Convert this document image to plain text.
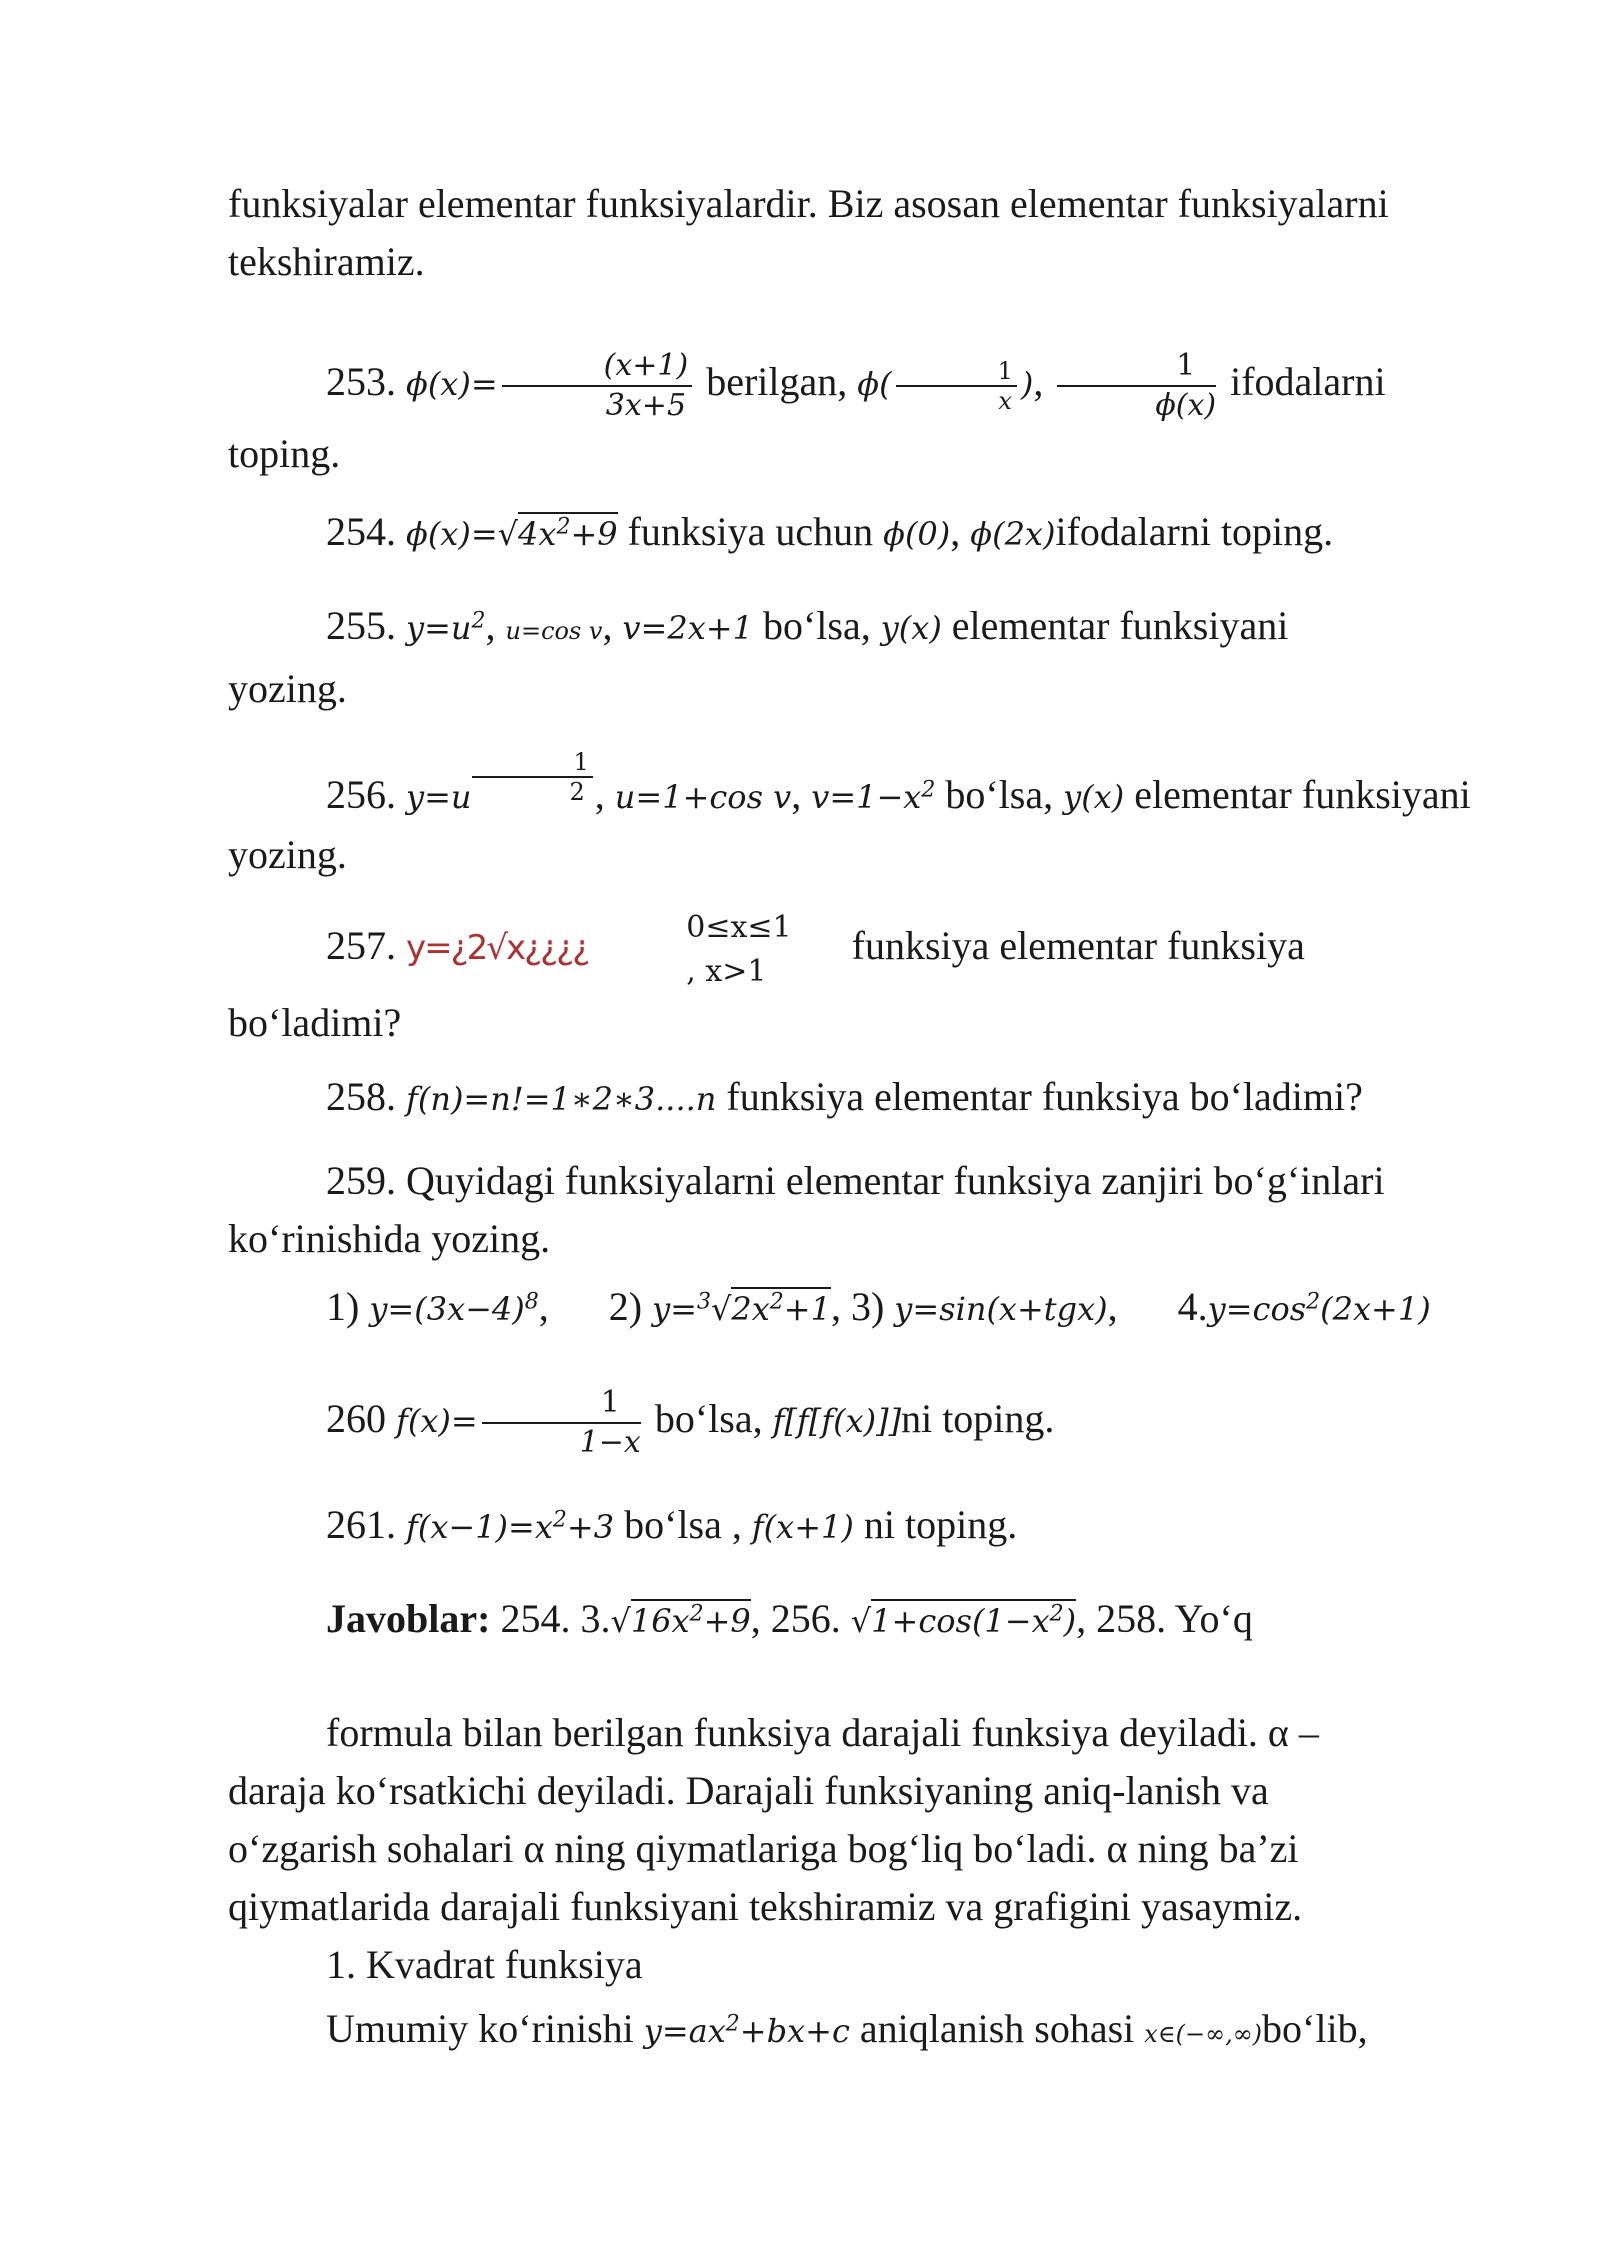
funksiyalar elementar funksiyalardir. Biz asosan elementar funksiyalarni

tekshiramiz.

253. $\phi(x)= \frac{(x+1)}{3x+5}$ berilgan, $\phi( \frac{1}{x}$ ), $\frac{1}{\phi(x)}$ ifodalarni toping.

254. $\phi(x)=√4x^2+9$ funksiya uchun ϕ(0), ϕ(2x)ifodalarni toping.

255. $y=u^2$, u=cos v, v=2x+1 bo‘lsa, y(x) elementar funksiyani

yozing.

256. $y=u \frac{1}{2}$ , u=1+cos v, $v=1-x^2$ bo‘lsa, y(x) elementar funksiyani

yozing.

257. y=¿2√x¿¿¿¿
0≤x≤1
, x>1
funksiya elementar funksiya bo‘ladimi?

258. f(n)=n!=1∗2∗3....n funksiya elementar funksiya bo‘ladimi?

259. Quyidagi funksiyalarni elementar funksiya zanjiri bo‘g‘inlari

ko‘rinishida yozing.

1) $y=(3x-4)^8$, 2) $y=^3√2x^2+1$, 3) y=sin(x+tgx), $4.y=\cos^2(2x+1)$

260 $f(x)= \frac{1}{1-x}$ bo‘lsa, f[f[f(x)]]ni toping.

261. $f(x-1)=x^2+3$ bo‘lsa , f(x+1) ni toping.

Javoblar: 254. $3.√16x^2+9$, 256. $√1+\cos(1-x^2)$, 258. Yo‘q

formula bilan berilgan funksiya darajali funksiya deyiladi. α –

daraja ko‘rsatkichi deyiladi. Darajali funksiyaning aniq-lanish va

o‘zgarish sohalari α ning qiymatlariga bog‘liq bo‘ladi. α ning ba’zi

qiymatlarida darajali funksiyani tekshiramiz va grafigini yasaymiz.

1. Kvadrat funksiya

Umumiy ko‘rinishi $y=ax^2+bx+c$ aniqlanish sohasi x∈(−∞,∞)bo‘lib,
